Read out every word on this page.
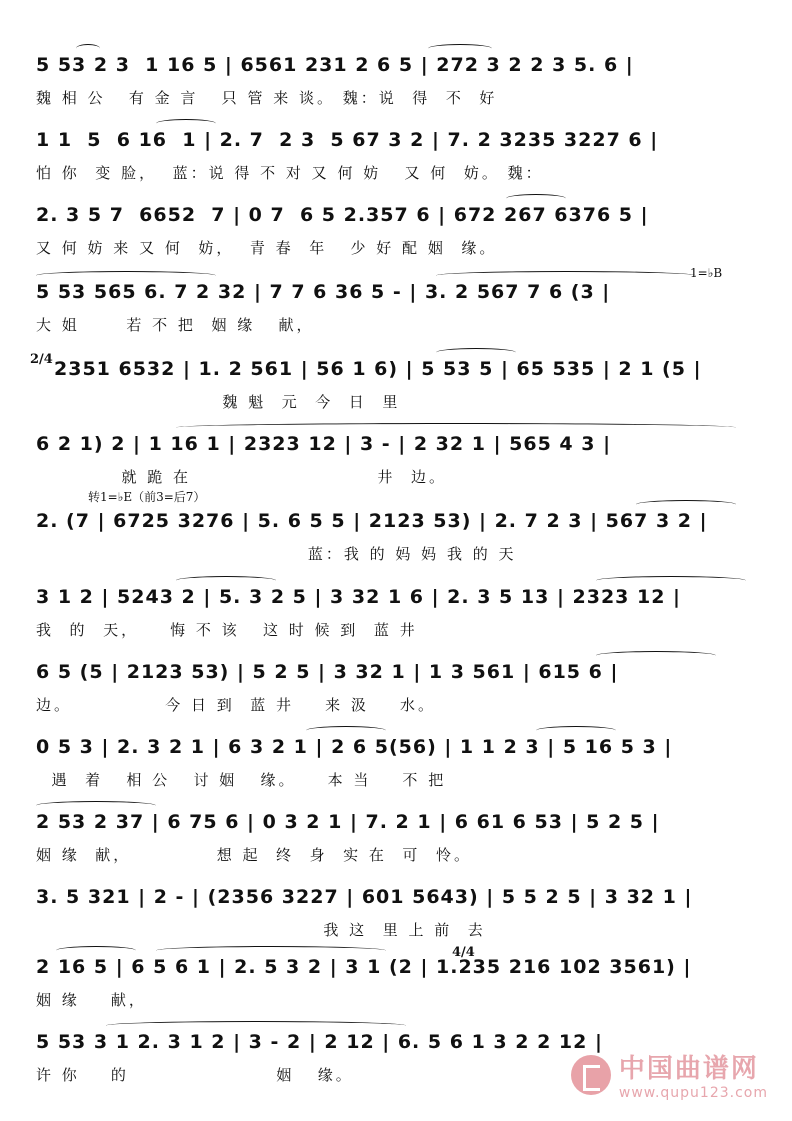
1=♭B
转1=♭E（前3=后7）
2/4
4/4
5 53 2 3  1 16 5 | 6561 231 2 6 5 | 272 3 2 2 3 5. 6 |
魏 相 公   有 金 言   只 管 来 谈。 魏：说  得  不  好
1 1  5  6 16  1 | 2. 7  2 3  5 67 3 2 | 7. 2 3235 3227 6 |
怕 你  变 脸，  蓝：说 得 不 对 又 何 妨   又 何  妨。 魏：
2. 3 5 7  6652  7 | 0 7  6 5 2.357 6 | 672 267 6376 5 |
又 何 妨 来 又 何  妨，  青 春  年   少 好 配 姻  缘。
5 53 565 6. 7 2 32 | 7 7 6 36 5 - | 3. 2 567 7 6 (3 |
大 姐      若 不 把  姻 缘   献，
2351 6532 | 1. 2 561 | 56 1 6) | 5 53 5 | 65 535 | 2 1 (5 |
魏 魁  元  今  日  里
6 2 1) 2 | 1 16 1 | 2323 12 | 3 - | 2 32 1 | 565 4 3 |
就 跪 在                        井  边。
2. (7 | 6725 3276 | 5. 6 5 5 | 2123 53) | 2. 7 2 3 | 567 3 2 |
蓝：我 的 妈 妈 我 的 天
3 1 2 | 5243 2 | 5. 3 2 5 | 3 32 1 6 | 2. 3 5 13 | 2323 12 |
我  的  天，    悔 不 该   这 时 候 到  蓝 井
6 5 (5 | 2123 53) | 5 2 5 | 3 32 1 | 1 3 561 | 615 6 |
边。            今 日 到  蓝 井    来 汲    水。
0 5 3 | 2. 3 2 1 | 6 3 2 1 | 2 6 5(56) | 1 1 2 3 | 5 16 5 3 |
遇  着   相 公   讨 姻   缘。    本 当    不 把
2 53 2 37 | 6 75 6 | 0 3 2 1 | 7. 2 1 | 6 61 6 53 | 5 2 5 |
姻 缘  献，           想 起  终  身  实 在  可  怜。
3. 5 321 | 2 - | (2356 3227 | 601 5643) | 5 5 2 5 | 3 32 1 |
我 这  里 上 前  去
2 16 5 | 6 5 6 1 | 2. 5 3 2 | 3 1 (2 | 1.235 216 102 3561) |
姻 缘    献，
5 53 3 1 2. 3 1 2 | 3 - 2 | 2 12 | 6. 5 6 1 3 2 2 12 |
许 你    的                   姻   缘。	中国曲谱网
www.qupu123.com
